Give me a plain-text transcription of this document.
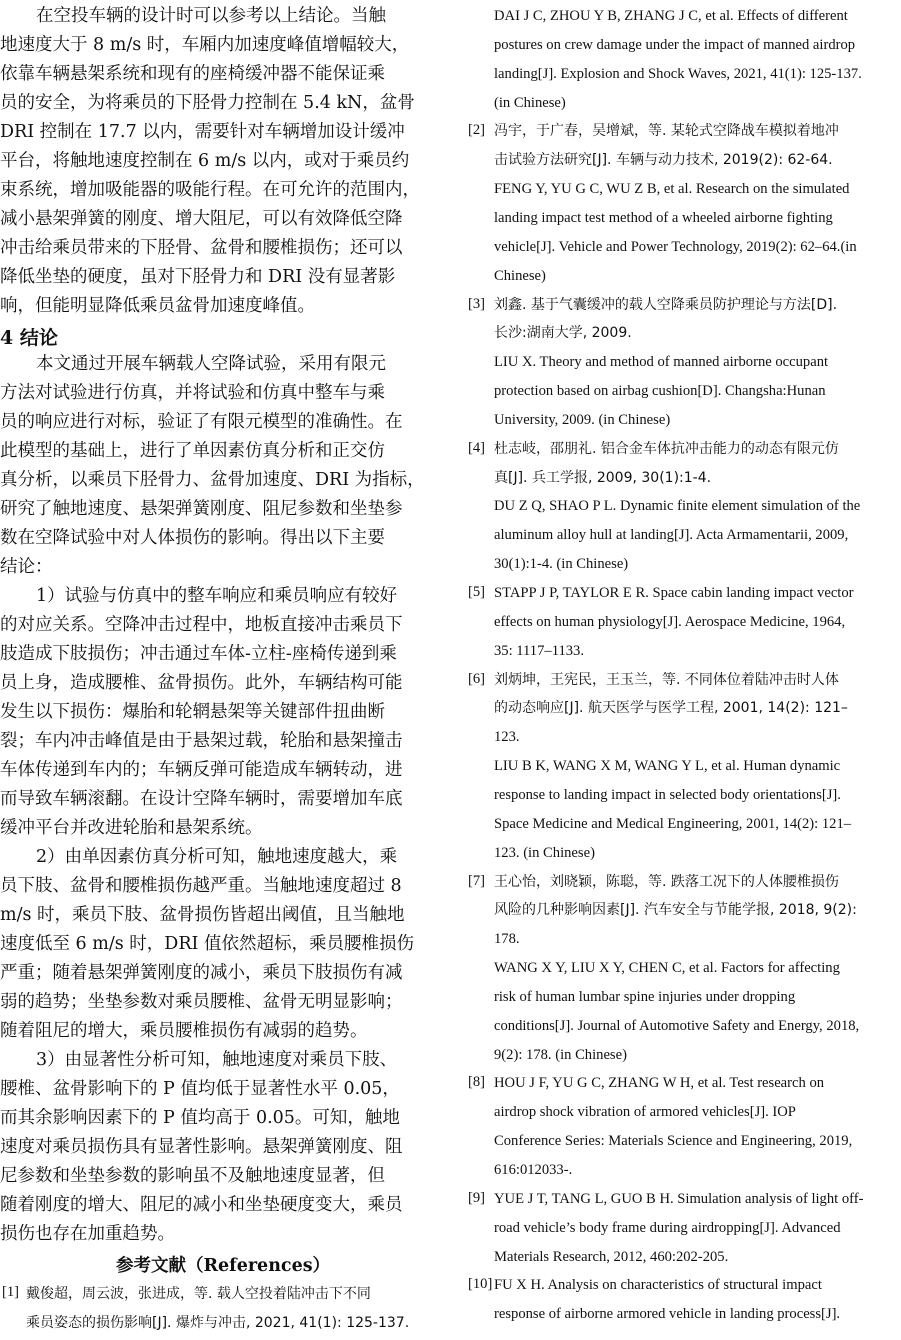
在空投车辆的设计时可以参考以上结论。当触
地速度大于 8 m/s 时，车厢内加速度峰值增幅较大，
依靠车辆悬架系统和现有的座椅缓冲器不能保证乘
员的安全，为将乘员的下胫骨力控制在 5.4 kN，盆骨
DRI 控制在 17.7 以内，需要针对车辆增加设计缓冲
平台，将触地速度控制在 6 m/s 以内，或对于乘员约
束系统，增加吸能器的吸能行程。在可允许的范围内，
减小悬架弹簧的刚度、增大阻尼，可以有效降低空降
冲击给乘员带来的下胫骨、盆骨和腰椎损伤；还可以
降低坐垫的硬度，虽对下胫骨力和 DRI 没有显著影
响，但能明显降低乘员盆骨加速度峰值。
4 结论
本文通过开展车辆载人空降试验，采用有限元
方法对试验进行仿真，并将试验和仿真中整车与乘
员的响应进行对标，验证了有限元模型的准确性。在
此模型的基础上，进行了单因素仿真分析和正交仿
真分析，以乘员下胫骨力、盆骨加速度、DRI 为指标，
研究了触地速度、悬架弹簧刚度、阻尼参数和坐垫参
数在空降试验中对人体损伤的影响。得出以下主要
结论：
1）试验与仿真中的整车响应和乘员响应有较好
的对应关系。空降冲击过程中，地板直接冲击乘员下
肢造成下肢损伤；冲击通过车体-立柱-座椅传递到乘
员上身，造成腰椎、盆骨损伤。此外，车辆结构可能
发生以下损伤：爆胎和轮辋悬架等关键部件扭曲断
裂；车内冲击峰值是由于悬架过载，轮胎和悬架撞击
车体传递到车内的；车辆反弹可能造成车辆转动，进
而导致车辆滚翻。在设计空降车辆时，需要增加车底
缓冲平台并改进轮胎和悬架系统。
2）由单因素仿真分析可知，触地速度越大，乘
员下肢、盆骨和腰椎损伤越严重。当触地速度超过 8
m/s 时，乘员下肢、盆骨损伤皆超出阈值，且当触地
速度低至 6 m/s 时，DRI 值依然超标，乘员腰椎损伤
严重；随着悬架弹簧刚度的减小，乘员下肢损伤有减
弱的趋势；坐垫参数对乘员腰椎、盆骨无明显影响；
随着阻尼的增大，乘员腰椎损伤有减弱的趋势。
3）由显著性分析可知，触地速度对乘员下肢、
腰椎、盆骨影响下的 P 值均低于显著性水平 0.05，
而其余影响因素下的 P 值均高于 0.05。可知，触地
速度对乘员损伤具有显著性影响。悬架弹簧刚度、阻
尼参数和坐垫参数的影响虽不及触地速度显著，但
随着刚度的增大、阻尼的减小和坐垫硬度变大，乘员
损伤也存在加重趋势。
参考文献（References）
[1] 戴俊超，周云波，张进成，等. 载人空投着陆冲击下不同
乘员姿态的损伤影响[J]. 爆炸与冲击, 2021, 41(1): 125-137.
DAI J C, ZHOU Y B, ZHANG J C, et al. Effects of different
postures on crew damage under the impact of manned airdrop
landing[J]. Explosion and Shock Waves, 2021, 41(1): 125-137.
(in Chinese)
[2] 冯宇，于广春，吴增斌，等. 某轮式空降战车模拟着地冲
击试验方法研究[J]. 车辆与动力技术, 2019(2): 62-64.
FENG Y, YU G C, WU Z B, et al. Research on the simulated
landing impact test method of a wheeled airborne fighting
vehicle[J]. Vehicle and Power Technology, 2019(2): 62–64.(in
Chinese)
[3] 刘鑫. 基于气囊缓冲的载人空降乘员防护理论与方法[D].
长沙:湖南大学, 2009.
LIU X. Theory and method of manned airborne occupant
protection based on airbag cushion[D]. Changsha:Hunan
University, 2009. (in Chinese)
[4] 杜志岐，邵朋礼. 铝合金车体抗冲击能力的动态有限元仿
真[J]. 兵工学报, 2009, 30(1):1-4.
DU Z Q, SHAO P L. Dynamic finite element simulation of the
aluminum alloy hull at landing[J]. Acta Armamentarii, 2009,
30(1):1-4. (in Chinese)
[5] STAPP J P, TAYLOR E R. Space cabin landing impact vector
effects on human physiology[J]. Aerospace Medicine, 1964,
35: 1117–1133.
[6] 刘炳坤，王宪民，王玉兰，等. 不同体位着陆冲击时人体
的动态响应[J]. 航天医学与医学工程, 2001, 14(2): 121–
123.
LIU B K, WANG X M, WANG Y L, et al. Human dynamic
response to landing impact in selected body orientations[J].
Space Medicine and Medical Engineering, 2001, 14(2): 121–
123. (in Chinese)
[7] 王心怡，刘晓颖，陈聪，等. 跌落工况下的人体腰椎损伤
风险的几种影响因素[J]. 汽车安全与节能学报, 2018, 9(2):
178.
WANG X Y, LIU X Y, CHEN C, et al. Factors for affecting
risk of human lumbar spine injuries under dropping
conditions[J]. Journal of Automotive Safety and Energy, 2018,
9(2): 178. (in Chinese)
[8] HOU J F, YU G C, ZHANG W H, et al. Test research on
airdrop shock vibration of armored vehicles[J]. IOP
Conference Series: Materials Science and Engineering, 2019,
616:012033-.
[9] YUE J T, TANG L, GUO B H. Simulation analysis of light off-
road vehicle’s body frame during airdropping[J]. Advanced
Materials Research, 2012, 460:202-205.
[10] FU X H. Analysis on characteristics of structural impact
response of airborne armored vehicle in landing process[J].
